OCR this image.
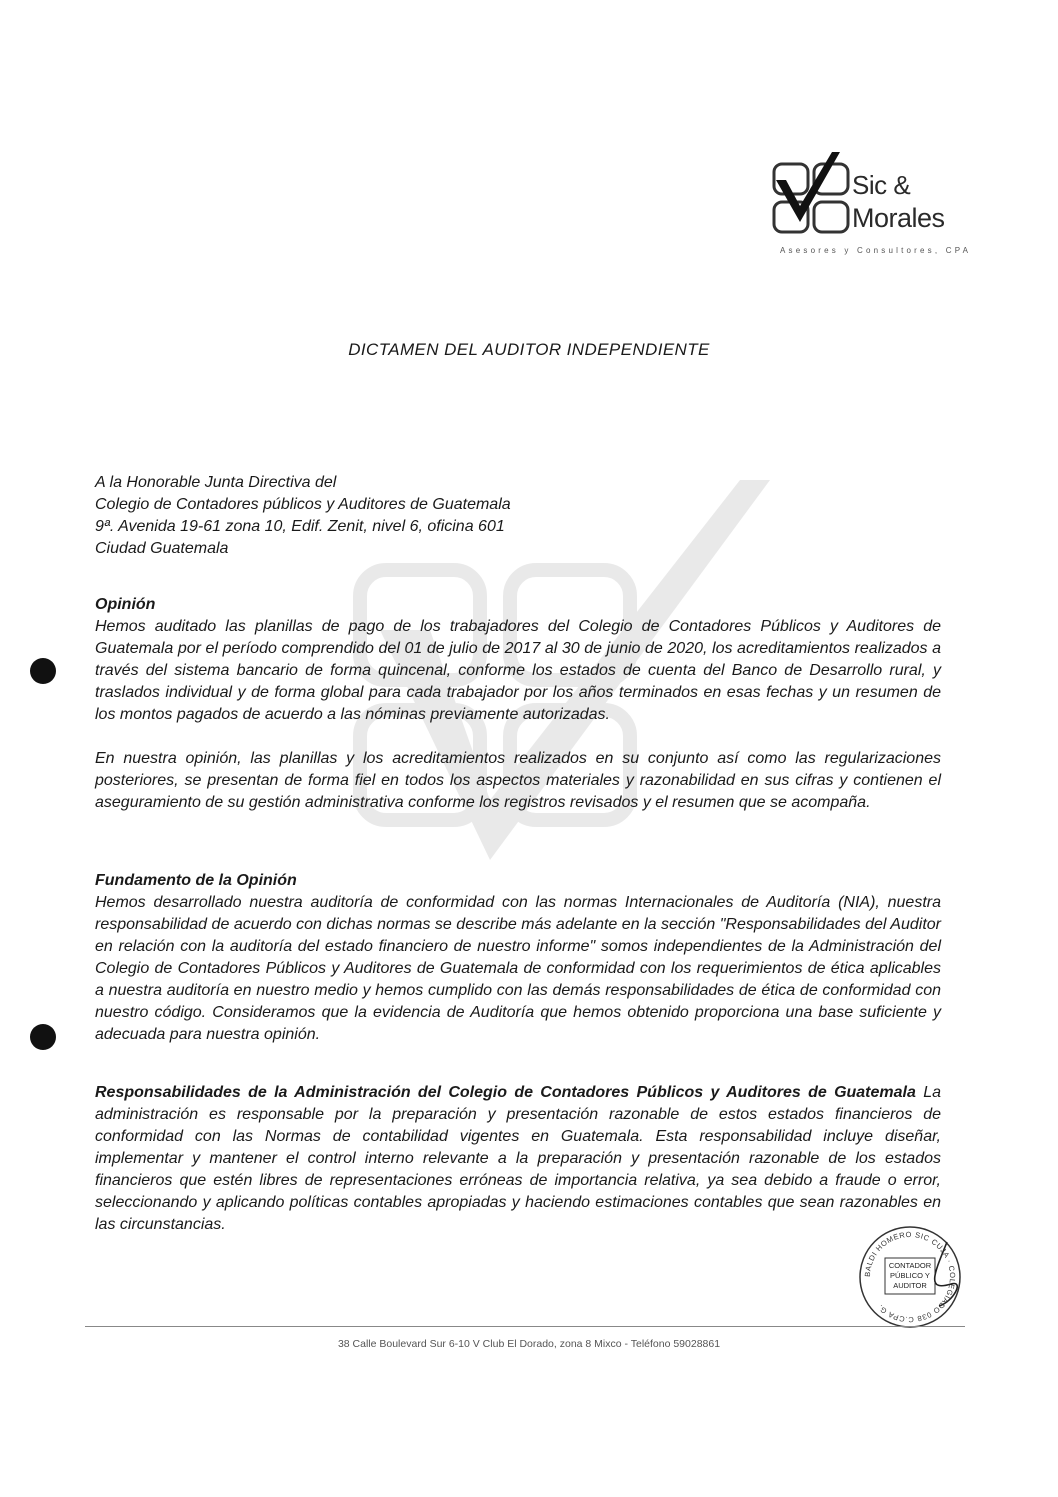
Sic &
Morales
Asesores y Consultores, CPA
DICTAMEN DEL AUDITOR INDEPENDIENTE
A la Honorable Junta Directiva del
Colegio de Contadores públicos y Auditores de Guatemala
9ª. Avenida 19-61 zona 10, Edif. Zenit, nivel 6, oficina 601
Ciudad Guatemala
Opinión

Hemos auditado las planillas de pago de los trabajadores del Colegio de Contadores Públicos y Auditores de Guatemala por el período comprendido del 01 de julio de 2017 al 30 de junio de 2020, los acreditamientos realizados a través del sistema bancario de forma quincenal, conforme los estados de cuenta del Banco de Desarrollo rural, y traslados individual y de forma global para cada trabajador por los años terminados en esas fechas y un resumen de los montos pagados de acuerdo a las nóminas previamente autorizadas.

En nuestra opinión, las planillas y los acreditamientos realizados en su conjunto así como las regularizaciones posteriores, se presentan de forma fiel en todos los aspectos materiales y razonabilidad en sus cifras y contienen el aseguramiento de su gestión administrativa conforme los registros revisados y el resumen que se acompaña.

Fundamento de la Opinión

Hemos desarrollado nuestra auditoría de conformidad con las normas Internacionales de Auditoría (NIA), nuestra responsabilidad de acuerdo con dichas normas se describe más adelante en la sección "Responsabilidades del Auditor en relación con la auditoría del estado financiero de nuestro informe" somos independientes de la Administración del Colegio de Contadores Públicos y Auditores de Guatemala de conformidad con los requerimientos de ética aplicables a nuestra auditoría en nuestro medio y hemos cumplido con las demás responsabilidades de ética de conformidad con nuestro código. Consideramos que la evidencia de Auditoría que hemos obtenido proporciona una base suficiente y adecuada para nuestra opinión.

Responsabilidades de la Administración del Colegio de Contadores Públicos y Auditores de Guatemala La administración es responsable por la preparación y presentación razonable de estos estados financieros de conformidad con las Normas de contabilidad vigentes en Guatemala. Esta responsabilidad incluye diseñar, implementar y mantener el control interno relevante a la preparación y presentación razonable de los estados financieros que estén libres de representaciones erróneas de importancia relativa, ya sea debido a fraude o error, seleccionando y aplicando políticas contables apropiadas y haciendo estimaciones contables que sean razonables en las circunstancias.

BALDI HOMERO SIC CUJA · COLEGIADO 038 C.CPA G.
CONTADOR
PÚBLICO Y
AUDITOR
38 Calle Boulevard Sur 6-10 V Club El Dorado, zona 8 Mixco - Teléfono 59028861
